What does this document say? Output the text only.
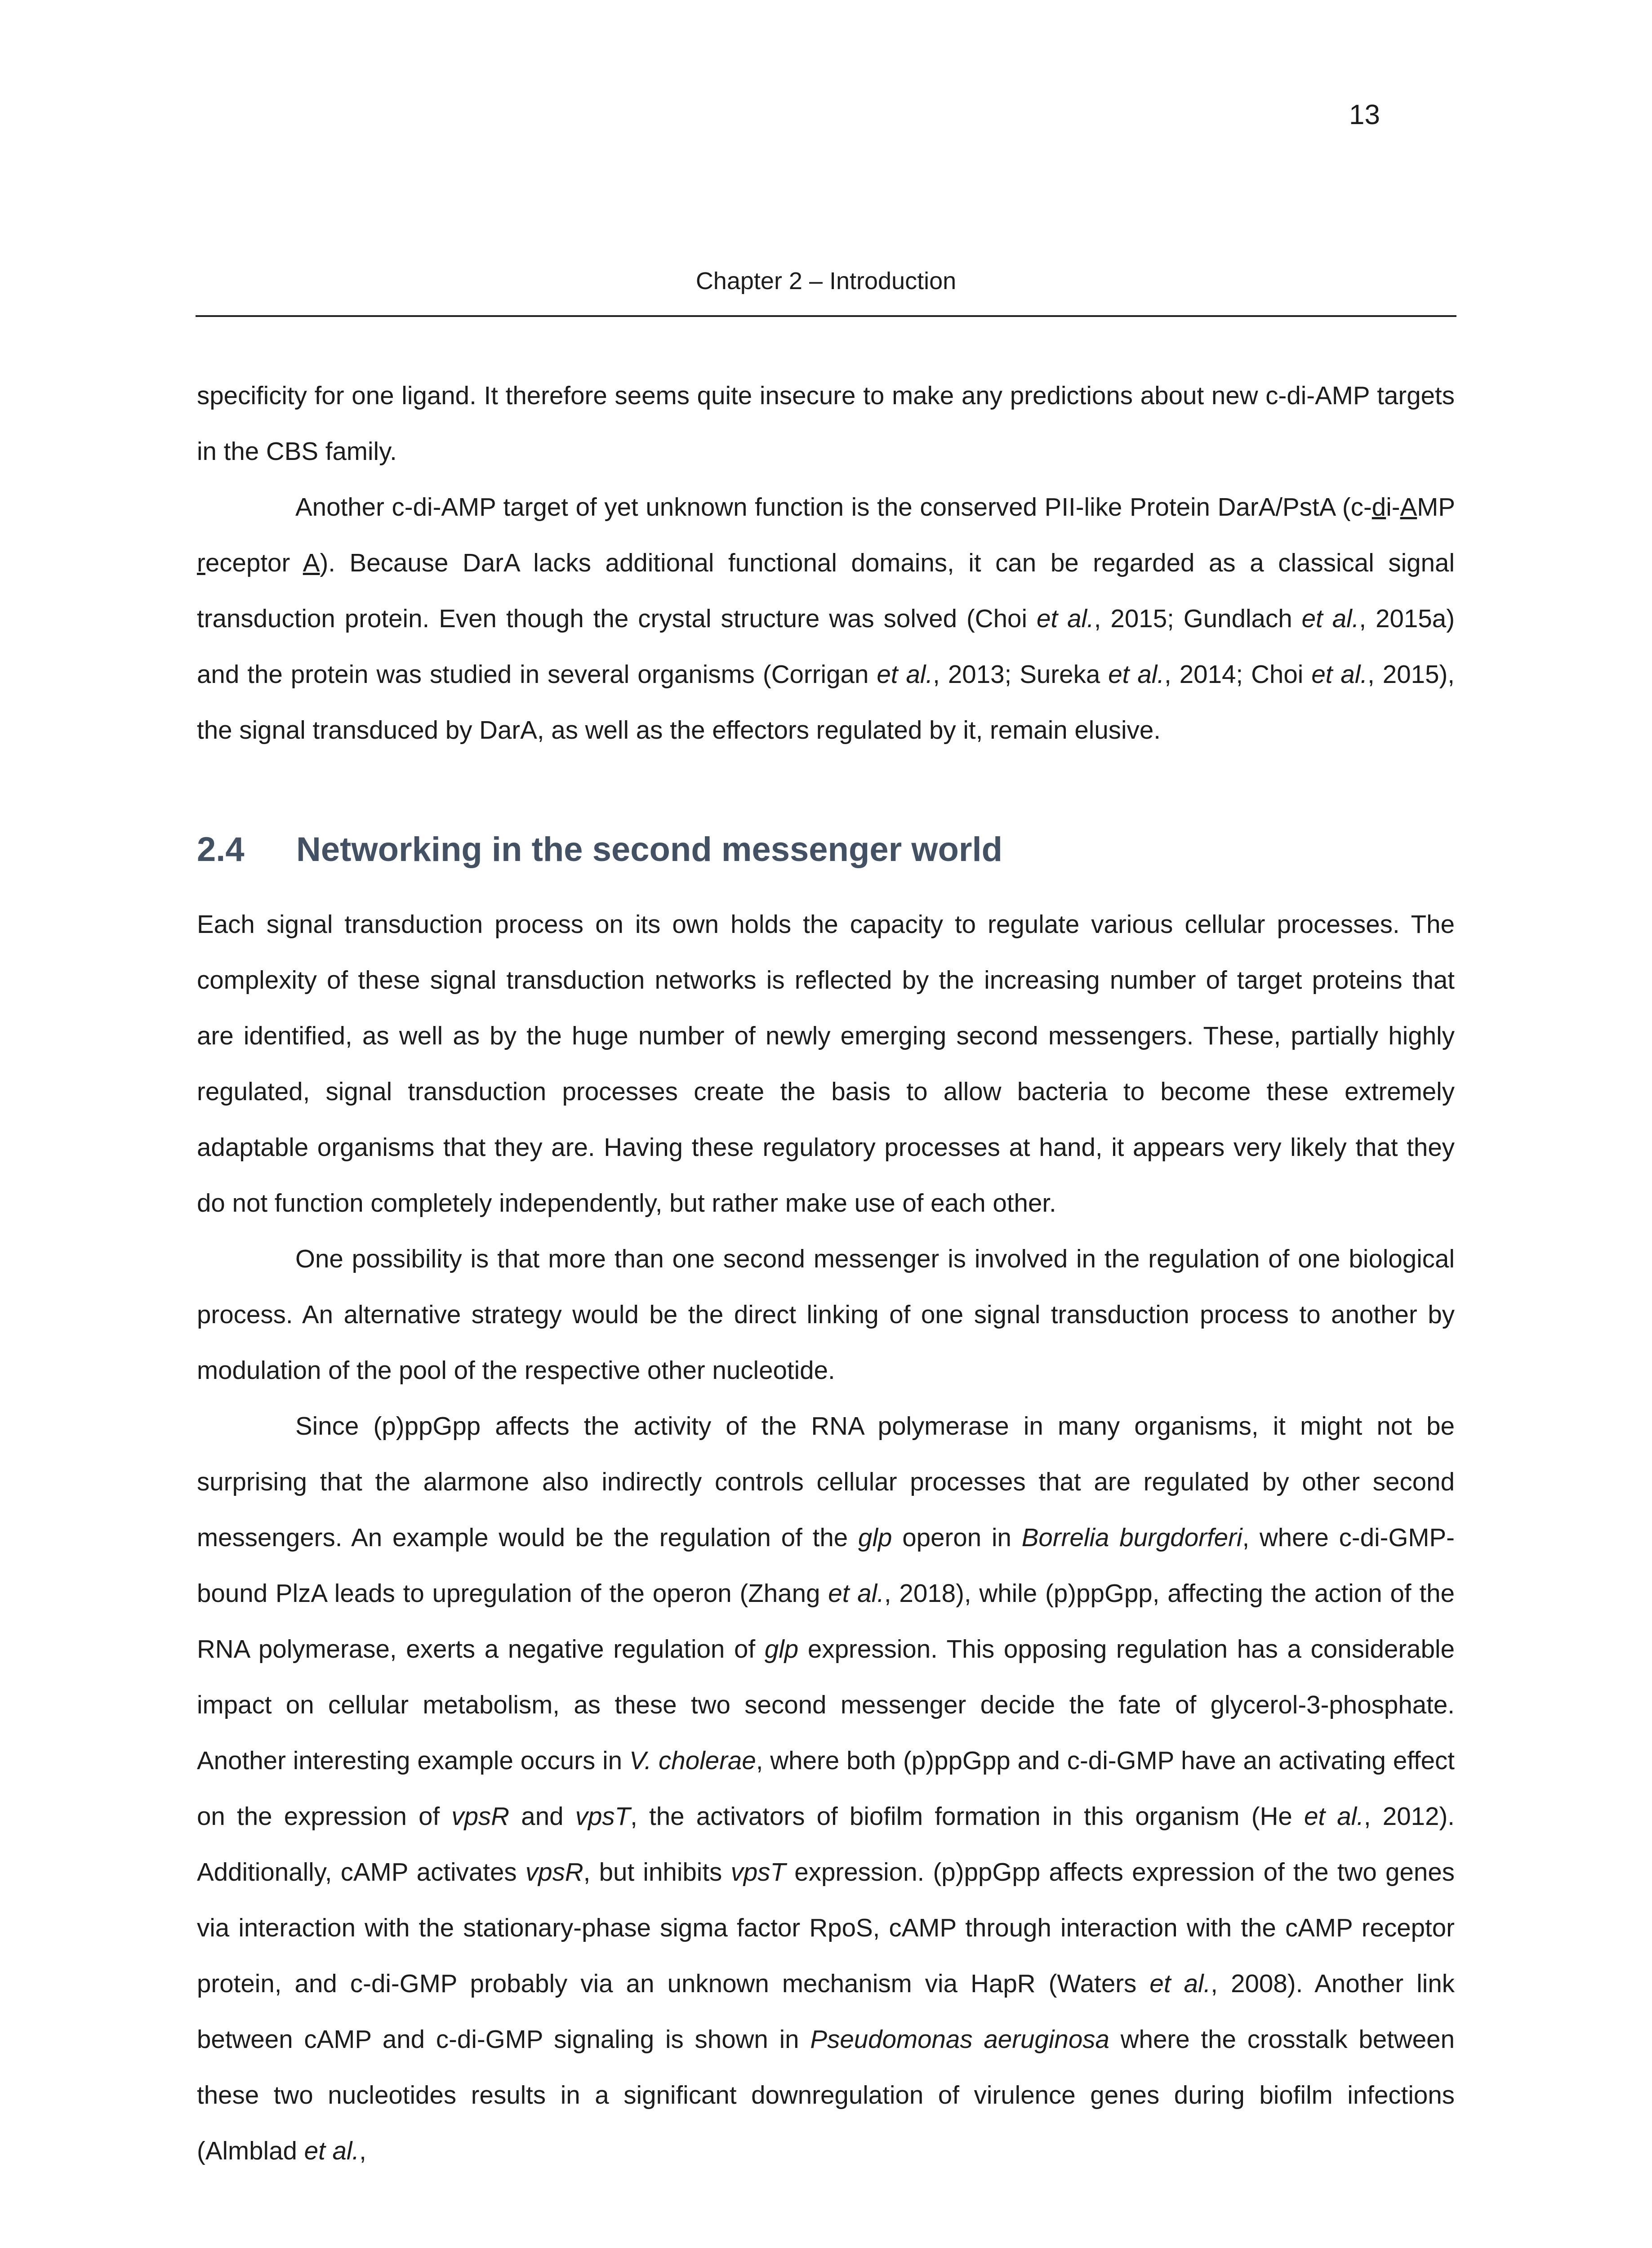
13
Chapter 2 – Introduction

specificity for one ligand. It therefore seems quite insecure to make any predictions about new c-di-AMP targets in the CBS family.

Another c-di-AMP target of yet unknown function is the conserved PII-like Protein DarA/PstA (c-di-AMP receptor A). Because DarA lacks additional functional domains, it can be regarded as a classical signal transduction protein. Even though the crystal structure was solved (Choi et al., 2015; Gundlach et al., 2015a) and the protein was studied in several organisms (Corrigan et al., 2013; Sureka et al., 2014; Choi et al., 2015), the signal transduced by DarA, as well as the effectors regulated by it, remain elusive.

2.4 Networking in the second messenger world

Each signal transduction process on its own holds the capacity to regulate various cellular processes. The complexity of these signal transduction networks is reflected by the increasing number of target proteins that are identified, as well as by the huge number of newly emerging second messengers. These, partially highly regulated, signal transduction processes create the basis to allow bacteria to become these extremely adaptable organisms that they are. Having these regulatory processes at hand, it appears very likely that they do not function completely independently, but rather make use of each other.

One possibility is that more than one second messenger is involved in the regulation of one biological process. An alternative strategy would be the direct linking of one signal transduction process to another by modulation of the pool of the respective other nucleotide.

Since (p)ppGpp affects the activity of the RNA polymerase in many organisms, it might not be surprising that the alarmone also indirectly controls cellular processes that are regulated by other second messengers. An example would be the regulation of the glp operon in Borrelia burgdorferi, where c-di-GMP-bound PlzA leads to upregulation of the operon (Zhang et al., 2018), while (p)ppGpp, affecting the action of the RNA polymerase, exerts a negative regulation of glp expression. This opposing regulation has a considerable impact on cellular metabolism, as these two second messenger decide the fate of glycerol-3-phosphate. Another interesting example occurs in V. cholerae, where both (p)ppGpp and c-di-GMP have an activating effect on the expression of vpsR and vpsT, the activators of biofilm formation in this organism (He et al., 2012). Additionally, cAMP activates vpsR, but inhibits vpsT expression. (p)ppGpp affects expression of the two genes via interaction with the stationary-phase sigma factor RpoS, cAMP through interaction with the cAMP receptor protein, and c-di-GMP probably via an unknown mechanism via HapR (Waters et al., 2008). Another link between cAMP and c-di-GMP signaling is shown in Pseudomonas aeruginosa where the crosstalk between these two nucleotides results in a significant downregulation of virulence genes during biofilm infections (Almblad et al.,
